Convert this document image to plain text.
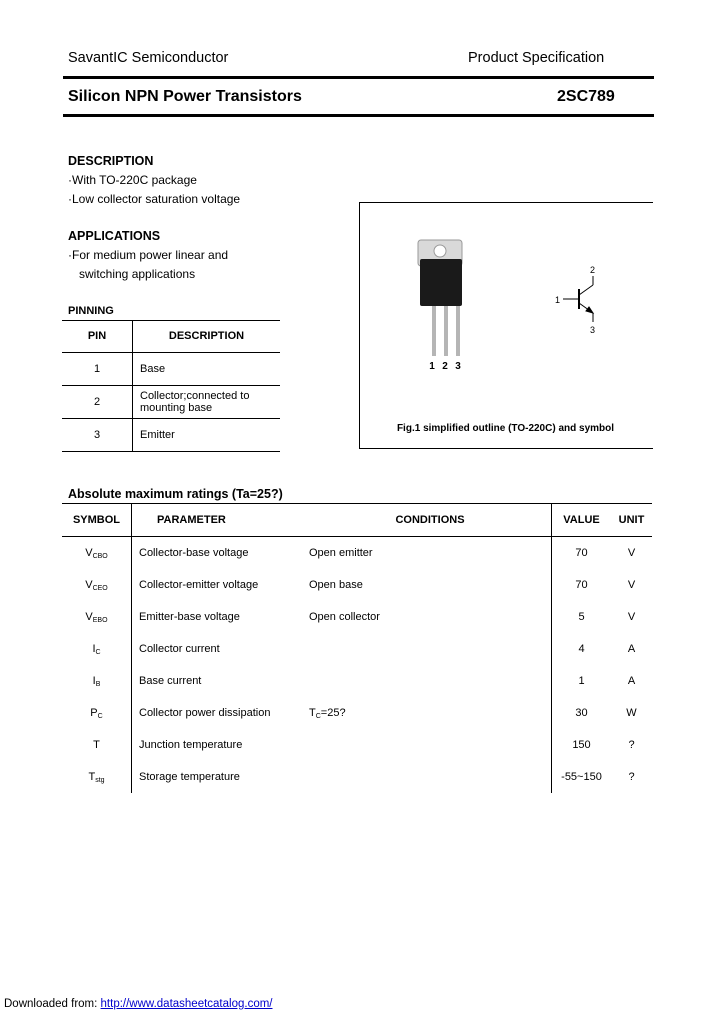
SavantIC Semiconductor	Product Specification
Silicon NPN Power Transistors	2SC789
DESCRIPTION
·With TO-220C package
·Low collector saturation voltage
APPLICATIONS
·For medium power linear and
switching applications
PINNING
PIN	DESCRIPTION
1	Base
2	Collector;connected to
mounting base
3	Emitter
1 2 3
1
2
3
Fig.1 simplified outline (TO-220C) and symbol
Absolute maximum ratings (Ta=25?)
SYMBOL	PARAMETER	CONDITIONS	VALUE	UNIT
$V_{CBO}$	Collector-base voltage	Open emitter	70	V
$V_{CEO}$	Collector-emitter voltage	Open base	70	V
$V_{EBO}$	Emitter-base voltage	Open collector	5	V
$I_C$	Collector current		4	A
$I_B$	Base current		1	A
$P_C$	Collector power dissipation	$T_C=25$?	30	W
T	Junction temperature		150	?
$T_{stg}$	Storage temperature		-55~150	?
Downloaded from: http://www.datasheetcatalog.com/
